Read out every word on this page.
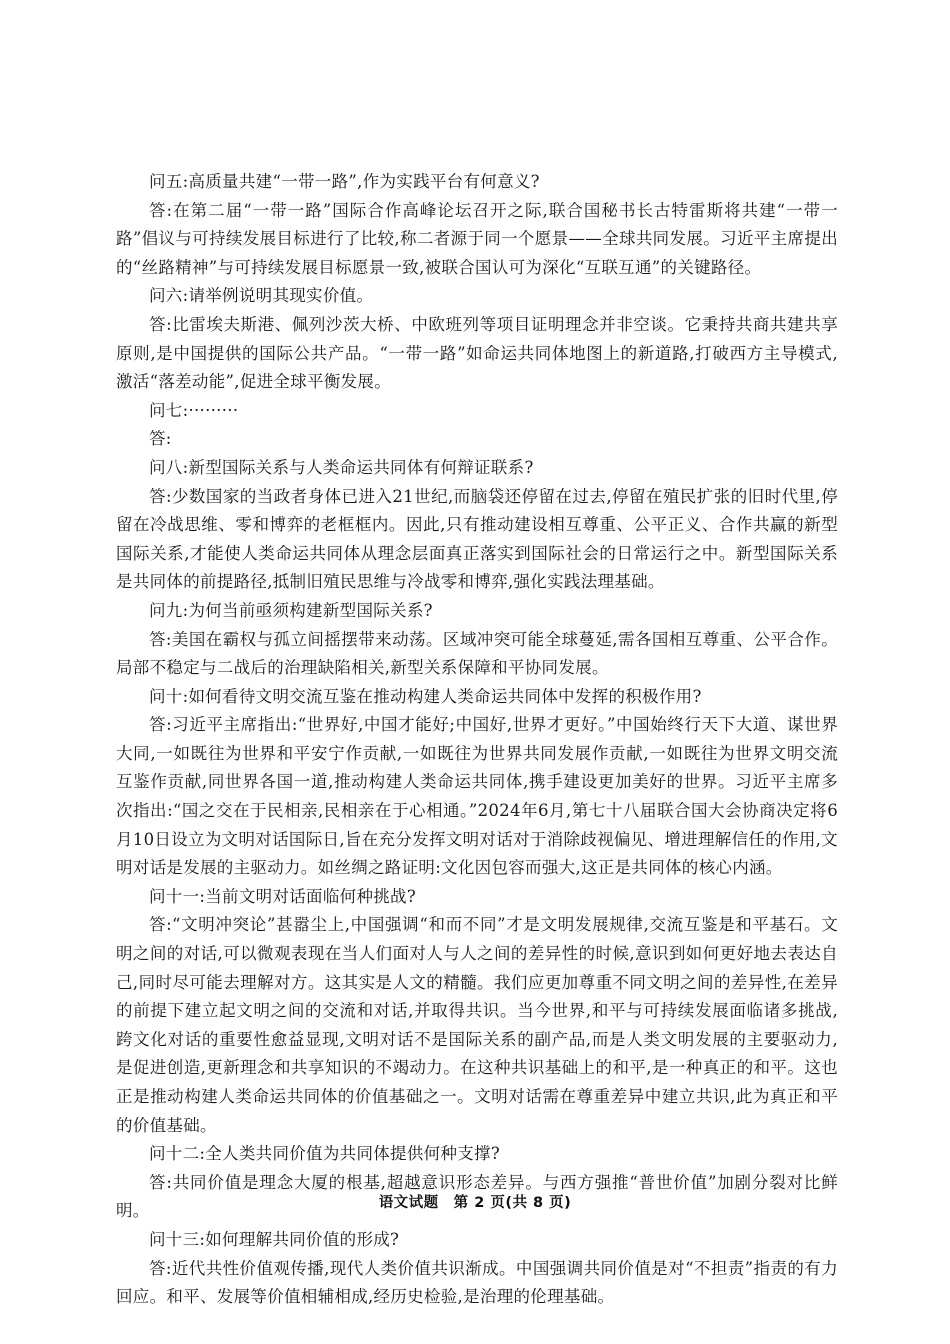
问五:高质量共建“一带一路”,作为实践平台有何意义?

答:在第二届“一带一路”国际合作高峰论坛召开之际,联合国秘书长古特雷斯将共建“一带一路”倡议与可持续发展目标进行了比较,称二者源于同一个愿景——全球共同发展。习近平主席提出的“丝路精神”与可持续发展目标愿景一致,被联合国认可为深化“互联互通”的关键路径。

问六:请举例说明其现实价值。

答:比雷埃夫斯港、佩列沙茨大桥、中欧班列等项目证明理念并非空谈。它秉持共商共建共享原则,是中国提供的国际公共产品。“一带一路”如命运共同体地图上的新道路,打破西方主导模式,激活“落差动能”,促进全球平衡发展。

问七:·········

答:

问八:新型国际关系与人类命运共同体有何辩证联系?

答:少数国家的当政者身体已进入21世纪,而脑袋还停留在过去,停留在殖民扩张的旧时代里,停留在冷战思维、零和博弈的老框框内。因此,只有推动建设相互尊重、公平正义、合作共赢的新型国际关系,才能使人类命运共同体从理念层面真正落实到国际社会的日常运行之中。新型国际关系是共同体的前提路径,抵制旧殖民思维与冷战零和博弈,强化实践法理基础。

问九:为何当前亟须构建新型国际关系?

答:美国在霸权与孤立间摇摆带来动荡。区域冲突可能全球蔓延,需各国相互尊重、公平合作。局部不稳定与二战后的治理缺陷相关,新型关系保障和平协同发展。

问十:如何看待文明交流互鉴在推动构建人类命运共同体中发挥的积极作用?

答:习近平主席指出:“世界好,中国才能好;中国好,世界才更好。”中国始终行天下大道、谋世界大同,一如既往为世界和平安宁作贡献,一如既往为世界共同发展作贡献,一如既往为世界文明交流互鉴作贡献,同世界各国一道,推动构建人类命运共同体,携手建设更加美好的世界。习近平主席多次指出:“国之交在于民相亲,民相亲在于心相通。”2024年6月,第七十八届联合国大会协商决定将6月10日设立为文明对话国际日,旨在充分发挥文明对话对于消除歧视偏见、增进理解信任的作用,文明对话是发展的主驱动力。如丝绸之路证明:文化因包容而强大,这正是共同体的核心内涵。

问十一:当前文明对话面临何种挑战?

答:“文明冲突论”甚嚣尘上,中国强调“和而不同”才是文明发展规律,交流互鉴是和平基石。文明之间的对话,可以微观表现在当人们面对人与人之间的差异性的时候,意识到如何更好地去表达自己,同时尽可能去理解对方。这其实是人文的精髓。我们应更加尊重不同文明之间的差异性,在差异的前提下建立起文明之间的交流和对话,并取得共识。当今世界,和平与可持续发展面临诸多挑战,跨文化对话的重要性愈益显现,文明对话不是国际关系的副产品,而是人类文明发展的主要驱动力,是促进创造,更新理念和共享知识的不竭动力。在这种共识基础上的和平,是一种真正的和平。这也正是推动构建人类命运共同体的价值基础之一。文明对话需在尊重差异中建立共识,此为真正和平的价值基础。

问十二:全人类共同价值为共同体提供何种支撑?

答:共同价值是理念大厦的根基,超越意识形态差异。与西方强推“普世价值”加剧分裂对比鲜明。

问十三:如何理解共同价值的形成?

答:近代共性价值观传播,现代人类价值共识渐成。中国强调共同价值是对“不担责”指责的有力回应。和平、发展等价值相辅相成,经历史检验,是治理的伦理基础。

语文试题　第 2 页(共 8 页)
